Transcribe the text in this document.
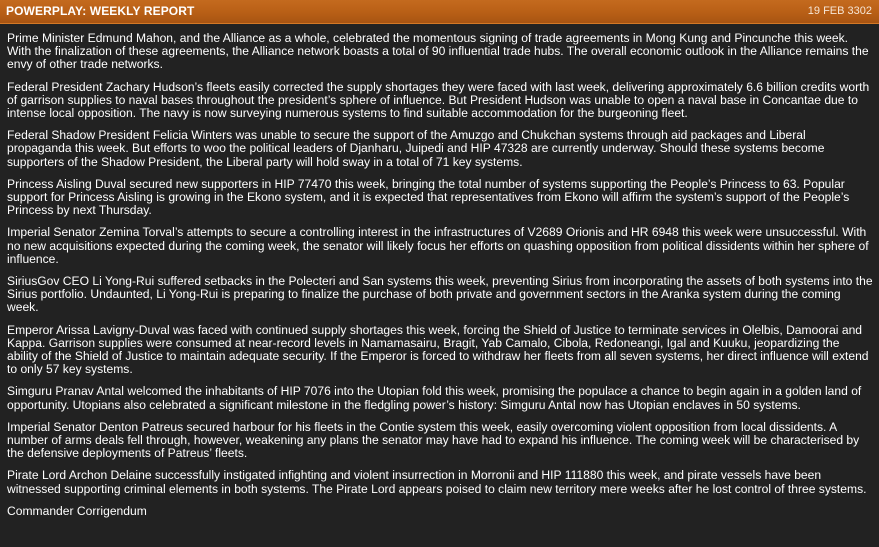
POWERPLAY: WEEKLY REPORT	19 FEB 3302

Prime Minister Edmund Mahon, and the Alliance as a whole, celebrated the momentous signing of trade agreements in Mong Kung and Pincunche this week. With the finalization of these agreements, the Alliance network boasts a total of 90 influential trade hubs. The overall economic outlook in the Alliance remains the envy of other trade networks.

Federal President Zachary Hudson’s fleets easily corrected the supply shortages they were faced with last week, delivering approximately 6.6 billion credits worth of garrison supplies to naval bases throughout the president’s sphere of influence. But President Hudson was unable to open a naval base in Concantae due to intense local opposition. The navy is now surveying numerous systems to find suitable accommodation for the burgeoning fleet.

Federal Shadow President Felicia Winters was unable to secure the support of the Amuzgo and Chukchan systems through aid packages and Liberal propaganda this week. But efforts to woo the political leaders of Djanharu, Juipedi and HIP 47328 are currently underway. Should these systems become supporters of the Shadow President, the Liberal party will hold sway in a total of 71 key systems.

Princess Aisling Duval secured new supporters in HIP 77470 this week, bringing the total number of systems supporting the People’s Princess to 63. Popular support for Princess Aisling is growing in the Ekono system, and it is expected that representatives from Ekono will affirm the system’s support of the People’s Princess by next Thursday.

Imperial Senator Zemina Torval’s attempts to secure a controlling interest in the infrastructures of V2689 Orionis and HR 6948 this week were unsuccessful. With no new acquisitions expected during the coming week, the senator will likely focus her efforts on quashing opposition from political dissidents within her sphere of influence.

SiriusGov CEO Li Yong-Rui suffered setbacks in the Polecteri and San systems this week, preventing Sirius from incorporating the assets of both systems into the Sirius portfolio. Undaunted, Li Yong-Rui is preparing to finalize the purchase of both private and government sectors in the Aranka system during the coming week.

Emperor Arissa Lavigny-Duval was faced with continued supply shortages this week, forcing the Shield of Justice to terminate services in Olelbis, Damoorai and Kappa. Garrison supplies were consumed at near-record levels in Namamasairu, Bragit, Yab Camalo, Cibola, Redoneangi, Igal and Kuuku, jeopardizing the ability of the Shield of Justice to maintain adequate security. If the Emperor is forced to withdraw her fleets from all seven systems, her direct influence will extend to only 57 key systems.

Simguru Pranav Antal welcomed the inhabitants of HIP 7076 into the Utopian fold this week, promising the populace a chance to begin again in a golden land of opportunity. Utopians also celebrated a significant milestone in the fledgling power’s history: Simguru Antal now has Utopian enclaves in 50 systems.

Imperial Senator Denton Patreus secured harbour for his fleets in the Contie system this week, easily overcoming violent opposition from local dissidents. A number of arms deals fell through, however, weakening any plans the senator may have had to expand his influence. The coming week will be characterised by the defensive deployments of Patreus’ fleets.

Pirate Lord Archon Delaine successfully instigated infighting and violent insurrection in Morronii and HIP 111880 this week, and pirate vessels have been witnessed supporting criminal elements in both systems. The Pirate Lord appears poised to claim new territory mere weeks after he lost control of three systems.

Commander Corrigendum
